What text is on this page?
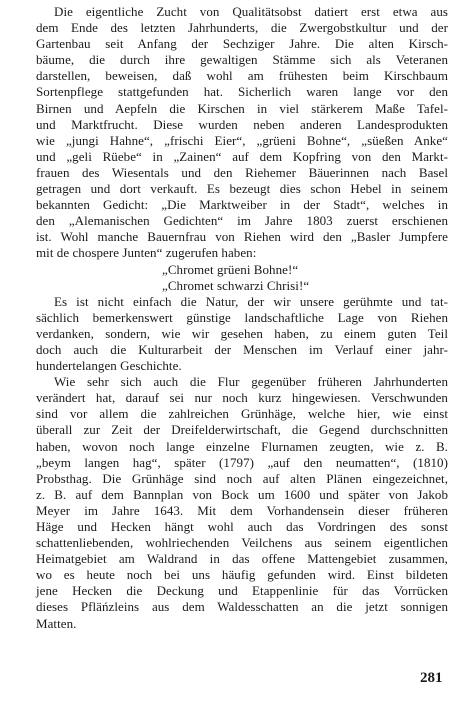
Die eigentliche Zucht von Qualitätsobst datiert erst etwa aus
dem Ende des letzten Jahrhunderts, die Zwergobstkultur und der
Gartenbau seit Anfang der Sechziger Jahre. Die alten Kirsch-
bäume, die durch ihre gewaltigen Stämme sich als Veteranen
darstellen, beweisen, daß wohl am frühesten beim Kirschbaum
Sortenpflege stattgefunden hat. Sicherlich waren lange vor den
Birnen und Aepfeln die Kirschen in viel stärkerem Maße Tafel-
und Marktfrucht. Diese wurden neben anderen Landesprodukten
wie „jungi Hahne“, „frischi Eier“, „grüeni Bohne“, „süeßen Anke“
und „geli Rüebe“ in „Zainen“ auf dem Kopfring von den Markt-
frauen des Wiesentals und den Riehemer Bäuerinnen nach Basel
getragen und dort verkauft. Es bezeugt dies schon Hebel in seinem
bekannten Gedicht: „Die Marktweiber in der Stadt“, welches in
den „Alemanischen Gedichten“ im Jahre 1803 zuerst erschienen
ist. Wohl manche Bauernfrau von Riehen wird den „Basler Jumpfere
mit de chospere Junten“ zugerufen haben:
„Chromet grüeni Bohne!“
„Chromet schwarzi Chrisi!“
Es ist nicht einfach die Natur, der wir unsere gerühmte und tat-
sächlich bemerkenswert günstige landschaftliche Lage von Riehen
verdanken, sondern, wie wir gesehen haben, zu einem guten Teil
doch auch die Kulturarbeit der Menschen im Verlauf einer jahr-
hundertelangen Geschichte.
Wie sehr sich auch die Flur gegenüber früheren Jahrhunderten
verändert hat, darauf sei nur noch kurz hingewiesen. Verschwunden
sind vor allem die zahlreichen Grünhäge, welche hier, wie einst
überall zur Zeit der Dreifelderwirtschaft, die Gegend durchschnitten
haben, wovon noch lange einzelne Flurnamen zeugten, wie z. B.
„beym langen hag“, später (1797) „auf den neumatten“, (1810)
Probsthag. Die Grünhäge sind noch auf alten Plänen eingezeichnet,
z. B. auf dem Bannplan von Bock um 1600 und später von Jakob
Meyer im Jahre 1643. Mit dem Vorhandensein dieser früheren
Häge und Hecken hängt wohl auch das Vordringen des sonst
schattenliebenden, wohlriechenden Veilchens aus seinem eigentlichen
Heimatgebiet am Waldrand in das offene Mattengebiet zusammen,
wo es heute noch bei uns häufig gefunden wird. Einst bildeten
jene Hecken die Deckung und Etappenlinie für das Vorrücken
dieses Pfläńzleins aus dem Waldesschatten an die jetzt sonnigen
Matten.
281
